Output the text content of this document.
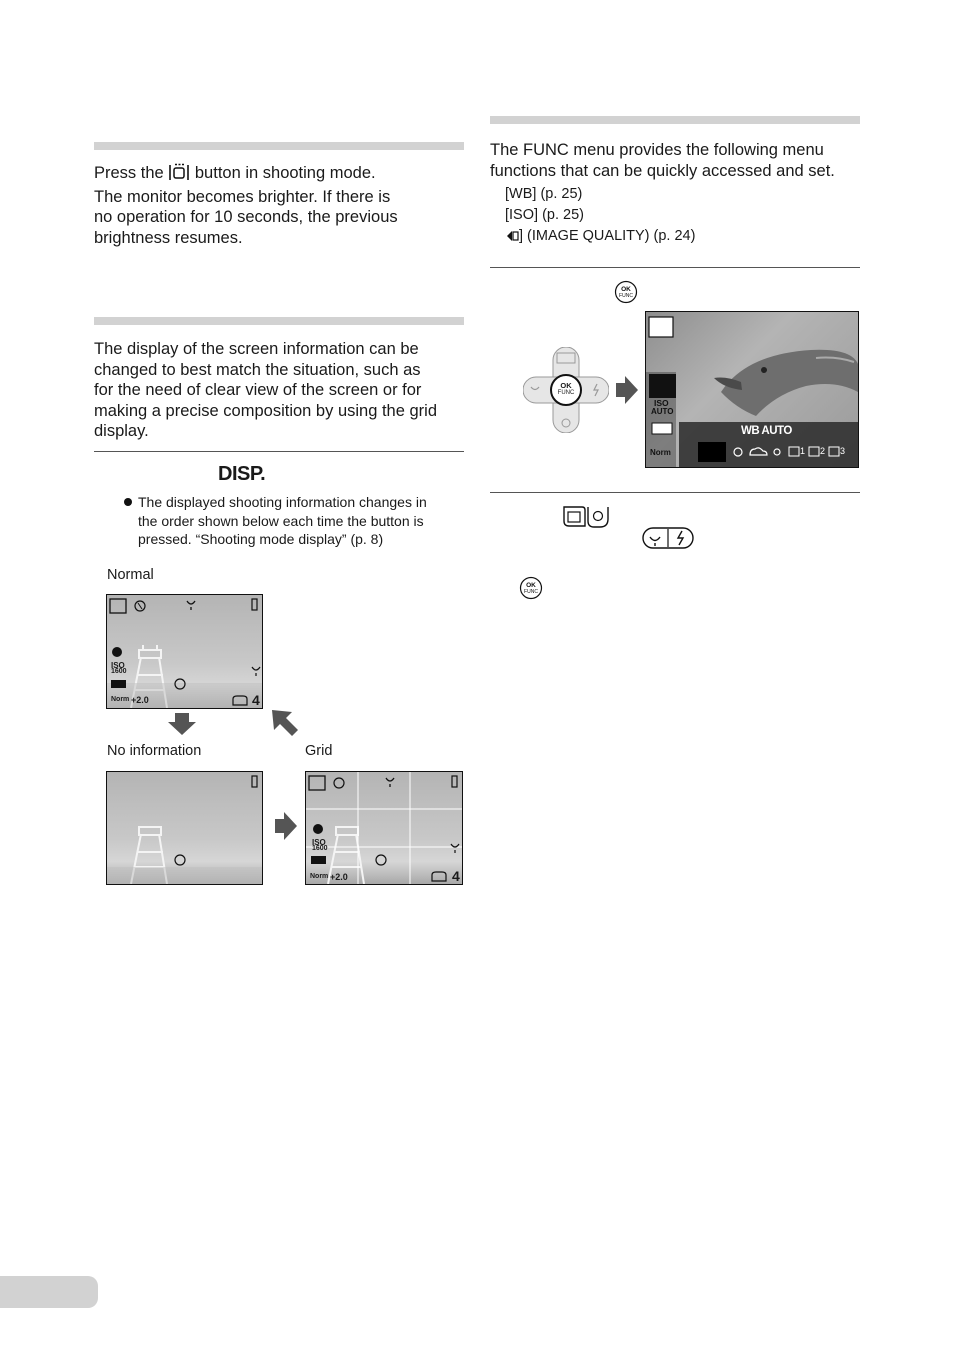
Press the  button in shooting mode.
The monitor becomes brighter. If there is
no operation for 10 seconds, the previous
brightness resumes.
The display of the screen information can be
changed to best match the situation, such as
for the need of clear view of the screen or for
making a precise composition by using the grid
display.
DISP.
The displayed shooting information changes in
the order shown below each time the button is
pressed. “Shooting mode display” (p. 8)
Normal
ISO
1600
Norm +2.0	4
No information	Grid
ISO
1600
Norm +2.0	4
The FUNC menu provides the following menu
functions that can be quickly accessed and set.
[WB] (p. 25)
[ISO] (p. 25)
] (IMAGE QUALITY) (p. 24)
OK
FUNC
OK
FUNC
ISO
AUTO
Norm
WB AUTO
1 2 3
OK
FUNC
